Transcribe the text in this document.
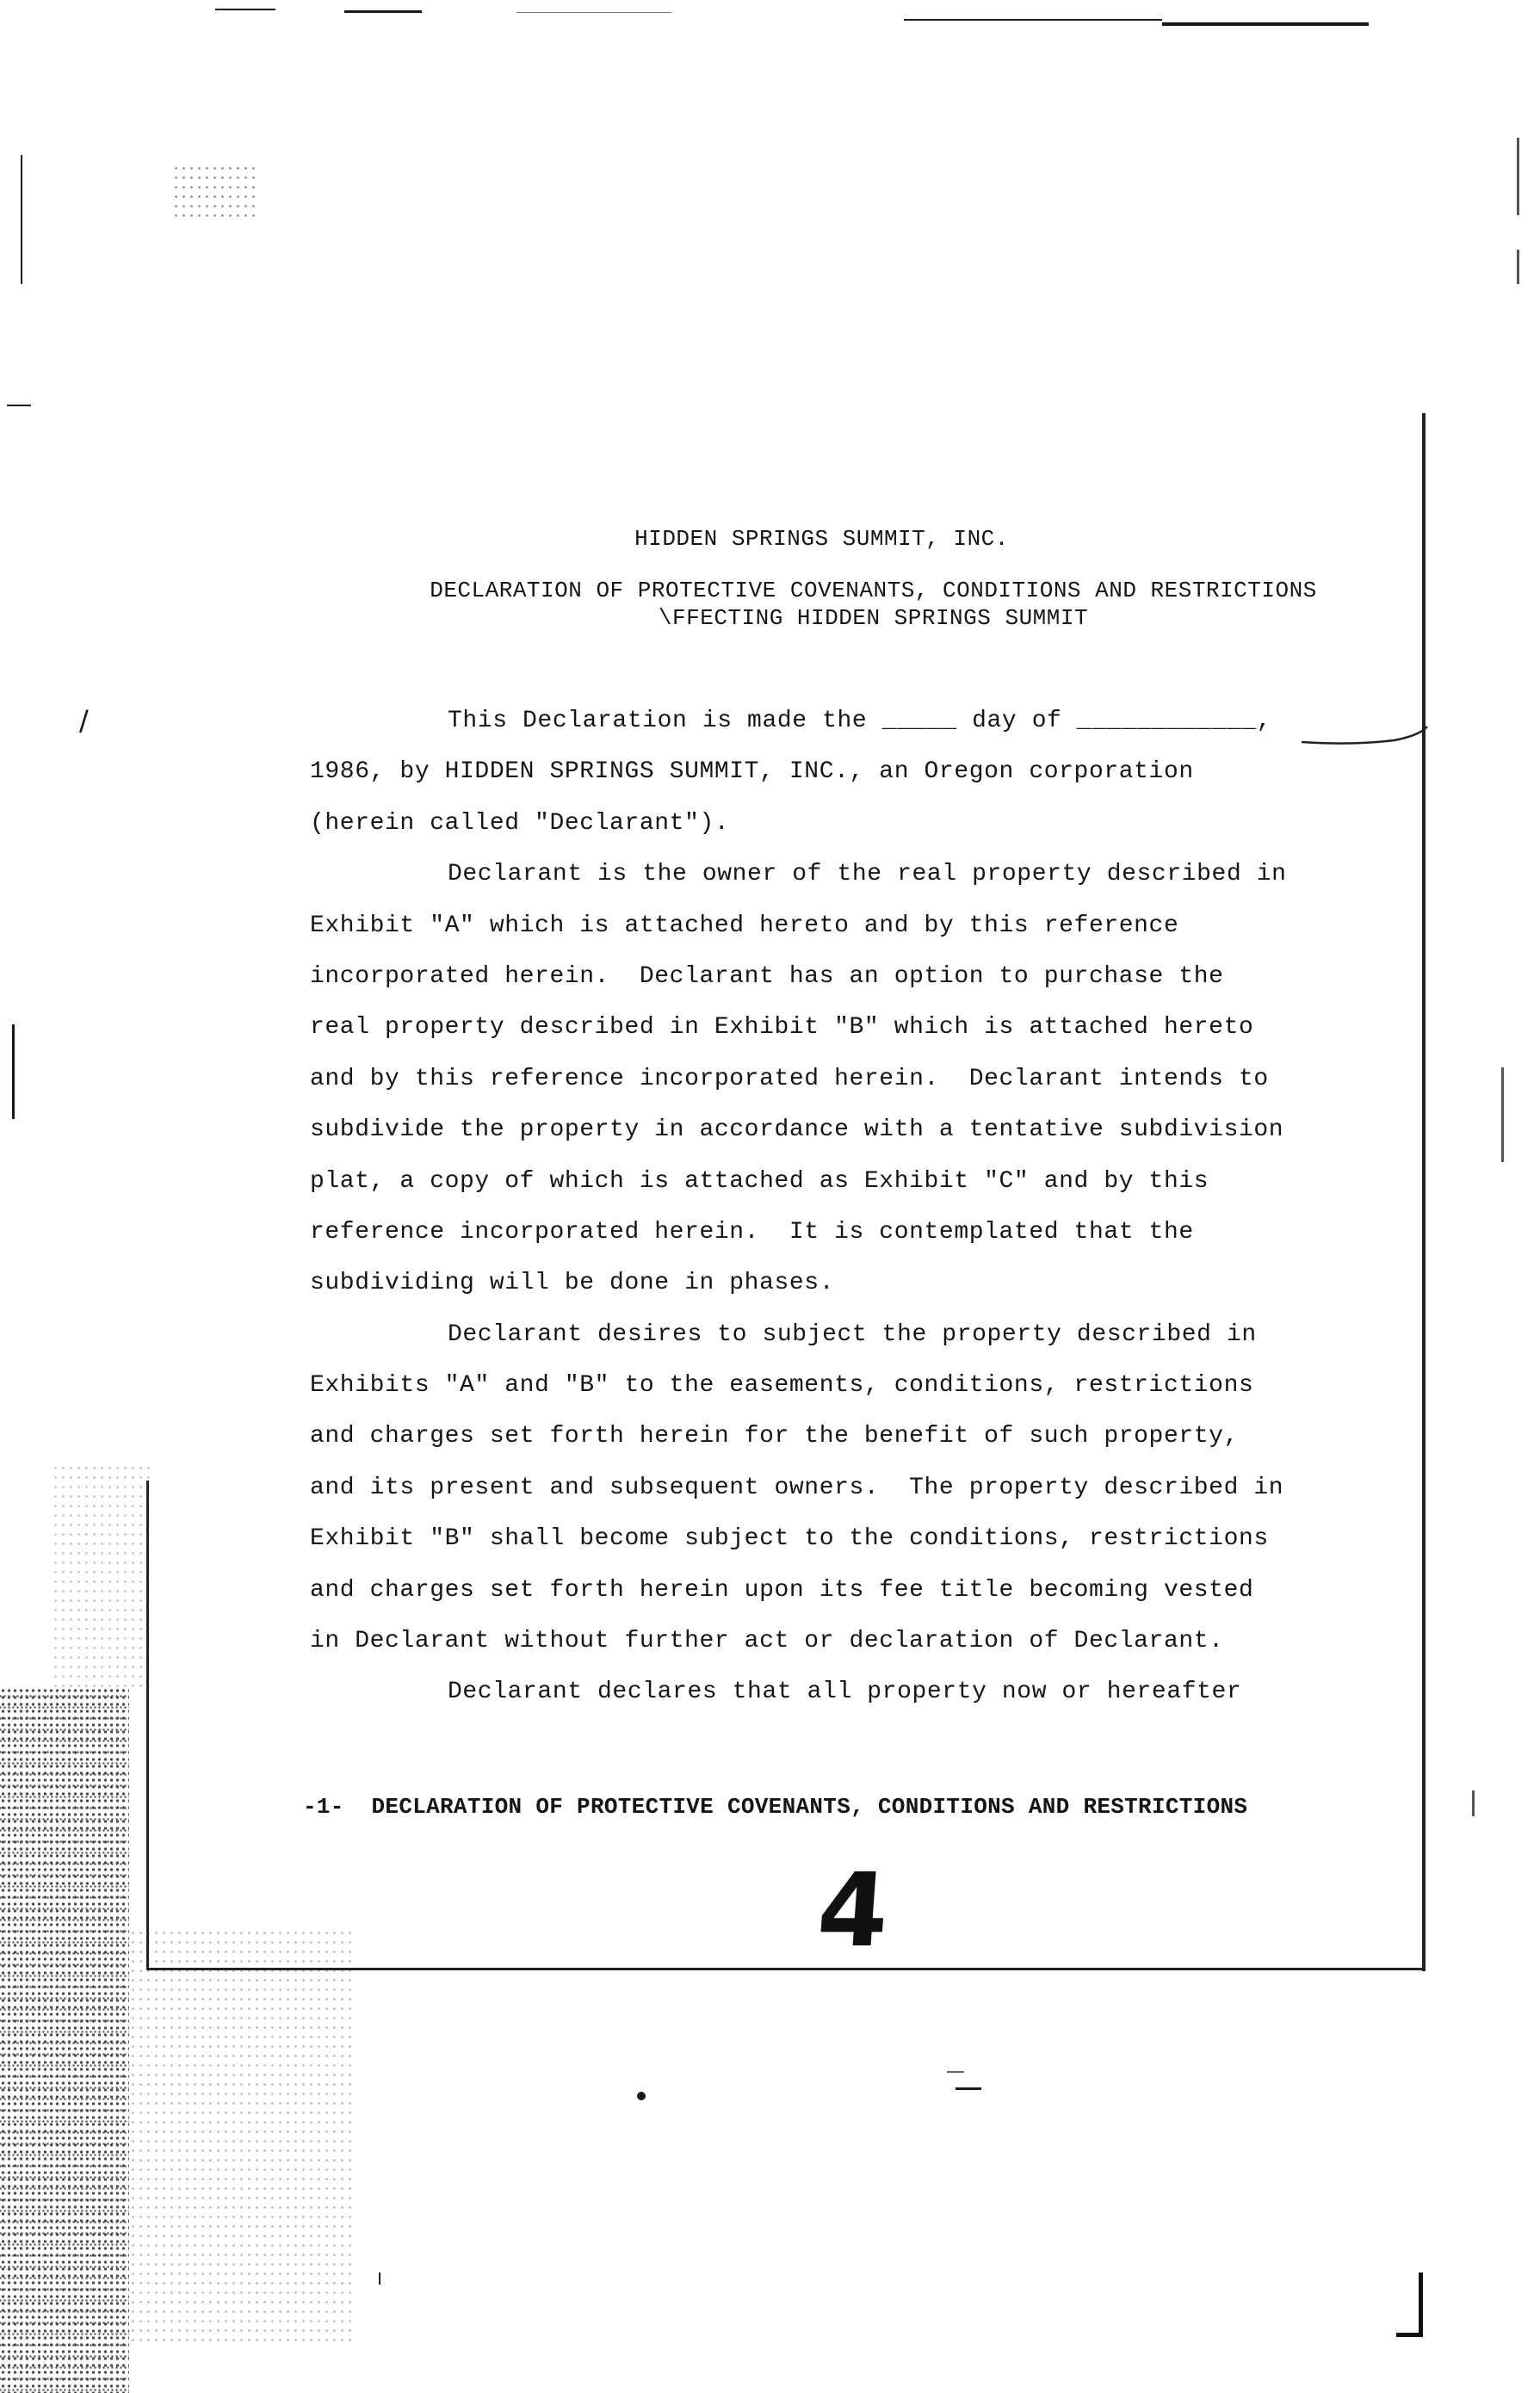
/
HIDDEN SPRINGS SUMMIT, INC.
DECLARATION OF PROTECTIVE COVENANTS, CONDITIONS AND RESTRICTIONS
\FFECTING HIDDEN SPRINGS SUMMIT
This Declaration is made the _____ day of ____________,
1986, by HIDDEN SPRINGS SUMMIT, INC., an Oregon corporation
(herein called "Declarant").
Declarant is the owner of the real property described in
Exhibit "A" which is attached hereto and by this reference
incorporated herein.  Declarant has an option to purchase the
real property described in Exhibit "B" which is attached hereto
and by this reference incorporated herein.  Declarant intends to
subdivide the property in accordance with a tentative subdivision
plat, a copy of which is attached as Exhibit "C" and by this
reference incorporated herein.  It is contemplated that the
subdividing will be done in phases.
Declarant desires to subject the property described in
Exhibits "A" and "B" to the easements, conditions, restrictions
and charges set forth herein for the benefit of such property,
and its present and subsequent owners.  The property described in
Exhibit "B" shall become subject to the conditions, restrictions
and charges set forth herein upon its fee title becoming vested
in Declarant without further act or declaration of Declarant.
Declarant declares that all property now or hereafter
-1-  DECLARATION OF PROTECTIVE COVENANTS, CONDITIONS AND RESTRICTIONS
4
